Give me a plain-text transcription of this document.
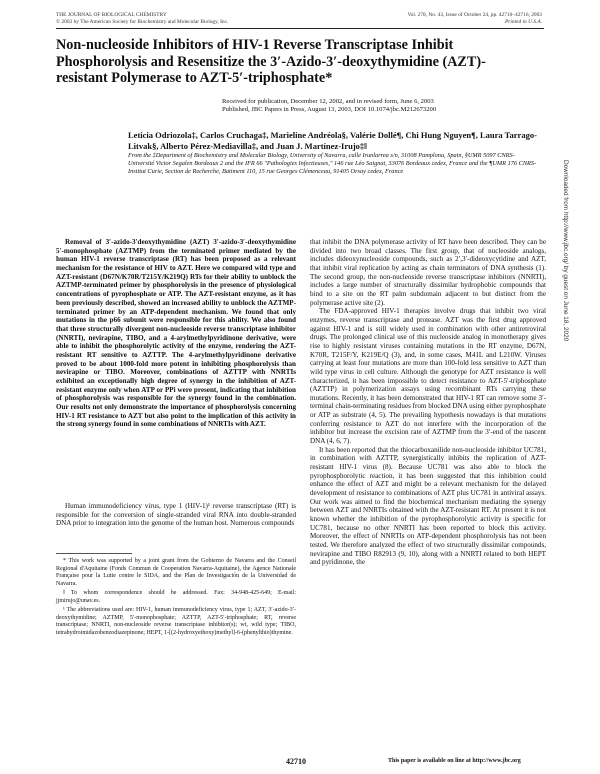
THE JOURNAL OF BIOLOGICAL CHEMISTRY
© 2003 by The American Society for Biochemistry and Molecular Biology, Inc.
Vol. 278, No. 43, Issue of October 24, pp. 42710–42716, 2003
Printed in U.S.A.
Non-nucleoside Inhibitors of HIV-1 Reverse Transcriptase Inhibit Phosphorolysis and Resensitize the 3′-Azido-3′-deoxythymidine (AZT)-resistant Polymerase to AZT-5′-triphosphate*
Received for publication, December 12, 2002, and in revised form, June 6, 2003
Published, JBC Papers in Press, August 13, 2003, DOI 10.1074/jbc.M212673200
Leticia Odriozola‡, Carlos Cruchaga‡, Marieline Andréola§, Valérie Dollé¶, Chi Hung Nguyen¶, Laura Tarrago-Litvak§, Alberto Pérez-Mediavilla‡, and Juan J. Martínez-Irujo‡‖
From the ‡Department of Biochemistry and Molecular Biology, University of Navarra, calle Irunlarrea s/n, 31008 Pamplona, Spain, §UMR 5097 CNRS-Université Victor Segalen Bordeaux 2 and the IFR 66 "Pathologies Infectieuses," 146 rue Léo Saignat, 33076 Bordeaux cedex, France and the ¶UMR 176 CNRS-Institut Curie, Section de Recherche, Batiment 110, 15 rue Georges Clémenceau, 91405 Orsay cedex, France

Removal of 3′-azido-3′deoxythymidine (AZT) 3′-azido-3′-deoxythymidine 5′-monophosphate (AZTMP) from the terminated primer mediated by the human HIV-1 reverse transcriptase (RT) has been proposed as a relevant mechanism for the resistance of HIV to AZT. Here we compared wild type and AZT-resistant (D67N/K70R/T215Y/K219Q) RTs for their ability to unblock the AZTMP-terminated primer by phosphorolysis in the presence of physiological concentrations of pyrophosphate or ATP. The AZT-resistant enzyme, as it has been previously described, showed an increased ability to unblock the AZTMP-terminated primer by an ATP-dependent mechanism. We found that only mutations in the p66 subunit were responsible for this ability. We also found that three structurally divergent non-nucleoside reverse transcriptase inhibitor (NNRTI), nevirapine, TIBO, and a 4-arylmethylpyridinone derivative, were able to inhibit the phosphorolytic activity of the enzyme, rendering the AZT-resistant RT sensitive to AZTTP. The 4-arylmethylpyridinone derivative proved to be about 1000-fold more potent in inhibiting phosphorolysis than nevirapine or TIBO. Moreover, combinations of AZTTP with NNRTIs exhibited an exceptionally high degree of synergy in the inhibition of AZT-resistant enzyme only when ATP or PPi were present, indicating that inhibition of phosphorolysis was responsible for the synergy found in the combination. Our results not only demonstrate the importance of phosphorolysis concerning HIV-1 RT resistance to AZT but also point to the implication of this activity in the strong synergy found in some combinations of NNRTIs with AZT.

Human immunodeficiency virus, type 1 (HIV-1)¹ reverse transcriptase (RT) is responsible for the conversion of single-stranded viral RNA into double-stranded DNA prior to integration into the genome of the human host. Numerous compounds

* This work was supported by a joint grant from the Gobierno de Navarra and the Conseil Regional d'Aquitaine (Fonds Commun de Cooperation Navarra-Aquitaine), the Agence Nationale Française pour la Lutte contre le SIDA, and the Plan de Investigación de la Universidad de Navarra.

‖ To whom correspondence should be addressed. Fax: 34-948-425-649; E-mail: jjmirujo@unav.es.

¹ The abbreviations used are: HIV-1, human immunodeficiency virus, type 1; AZT, 3′-azido-3′-deoxythymidine; AZTMP, 5′-monophosphate; AZTTP, AZT-5′-triphosphate; RT, reverse transcriptase; NNRTI, non-nucleoside reverse transcriptase inhibitor(s); wt, wild type; TIBO, tetrahydroimidazobenzodiazepinone; HEPT, 1-[(2-hydroxyethoxy)methyl]-6-(phenylthio)thymine.

that inhibit the DNA polymerase activity of RT have been described. They can be divided into two broad classes. The first group, that of nucleoside analogs, includes dideoxynucleoside compounds, such as 2′,3′-dideoxycytidine and AZT, that inhibit viral replication by acting as chain terminators of DNA synthesis (1). The second group, the non-nucleoside reverse transcriptase inhibitors (NNRTI), includes a large number of structurally dissimilar hydrophobic compounds that bind to a site on the RT palm subdomain adjacent to but distinct from the polymerase active site (2).

The FDA-approved HIV-1 therapies involve drugs that inhibit two viral enzymes, reverse transcriptase and protease. AZT was the first drug approved against HIV-1 and is still widely used in combination with other antiretroviral drugs. The prolonged clinical use of this nucleoside analog in monotherapy gives rise to highly resistant viruses containing mutations in the RT enzyme, D67N, K70R, T215F/Y, K219E/Q (3), and, in some cases, M41L and L210W. Viruses carrying at least four mutations are more than 100-fold less sensitive to AZT than wild type virus in cell culture. Although the genotype for AZT resistance is well characterized, it has been impossible to detect resistance to AZT-5′-triphosphate (AZTTP) in polymerization assays using recombinant RTs carrying these mutations. Recently, it has been demonstrated that HIV-1 RT can remove some 3′-terminal chain-terminating residues from blocked DNA using either pyrophosphate or ATP as substrate (4, 5). The prevailing hypothesis nowadays is that mutations conferring resistance to AZT do not interfere with the incorporation of the inhibitor but increase the excision rate of AZTMP from the 3′-end of the nascent DNA (4, 6, 7).

It has been reported that the thiocarboxanilide non-nucleoside inhibitor UC781, in combination with AZTTP, synergistically inhibits the replication of AZT-resistant HIV-1 virus (8). Because UC781 was also able to block the pyrophosphorolytic reaction, it has been suggested that this inhibition could enhance the effect of AZT and might be a relevant mechanism for the delayed development of resistance to combinations of AZT plus UC781 in antiviral assays. Our work was aimed to find the biochemical mechanism mediating the synergy between AZT and NNRTIs obtained with the AZT-resistant RT. At present it is not known whether the inhibition of the pyrophosphorolytic activity is specific for UC781, because no other NNRTI has been reported to block this activity. Moreover, the effect of NNRTIs on ATP-dependent phosphorolysis has not been tested. We therefore analyzed the effect of two structurally dissimilar compounds, nevirapine and TIBO R82913 (9, 10), along with a NNRTI related to both HEPT and pyridinone, the

42710	This paper is available on line at http://www.jbc.org
Downloaded from http://www.jbc.org/ by guest on June 18, 2020
